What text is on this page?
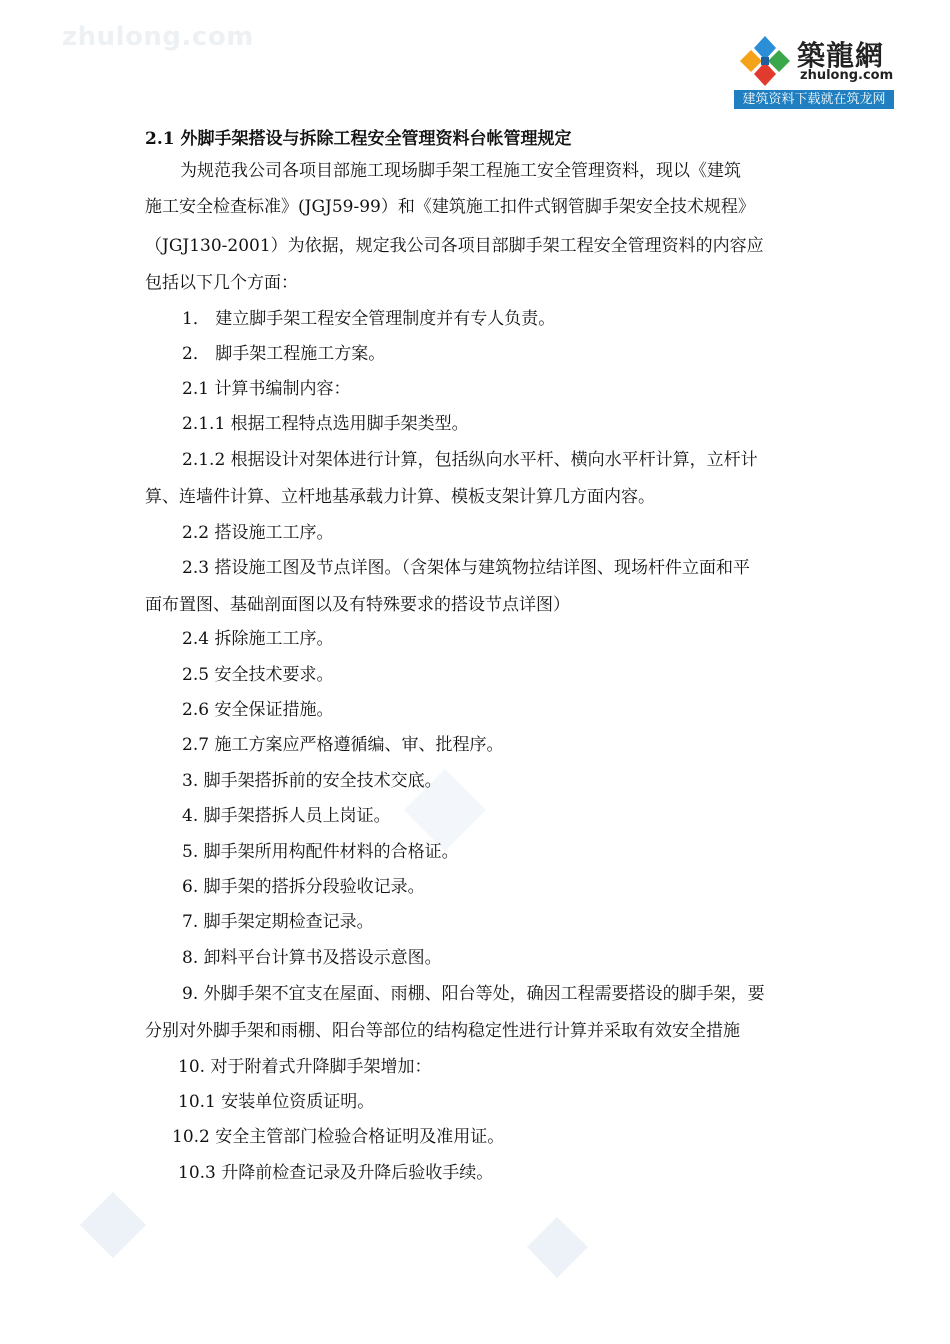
zhulong.com
築龍網
zhulong.com
建筑资料下载就在筑龙网
2.1 外脚手架搭设与拆除工程安全管理资料台帐管理规定
为规范我公司各项目部施工现场脚手架工程施工安全管理资料，现以《建筑
施工安全检查标准》(JGJ59-99）和《建筑施工扣件式钢管脚手架安全技术规程》
（JGJ130-2001）为依据，规定我公司各项目部脚手架工程安全管理资料的内容应
包括以下几个方面：
1． 建立脚手架工程安全管理制度并有专人负责。
2． 脚手架工程施工方案。
2.1 计算书编制内容：
2.1.1 根据工程特点选用脚手架类型。
2.1.2 根据设计对架体进行计算，包括纵向水平杆、横向水平杆计算，立杆计
算、连墙件计算、立杆地基承载力计算、模板支架计算几方面内容。
2.2 搭设施工工序。
2.3 搭设施工图及节点详图。（含架体与建筑物拉结详图、现场杆件立面和平
面布置图、基础剖面图以及有特殊要求的搭设节点详图）
2.4 拆除施工工序。
2.5 安全技术要求。
2.6 安全保证措施。
2.7 施工方案应严格遵循编、审、批程序。
3. 脚手架搭拆前的安全技术交底。
4. 脚手架搭拆人员上岗证。
5. 脚手架所用构配件材料的合格证。
6. 脚手架的搭拆分段验收记录。
7. 脚手架定期检查记录。
8. 卸料平台计算书及搭设示意图。
9. 外脚手架不宜支在屋面、雨棚、阳台等处，确因工程需要搭设的脚手架，要
分别对外脚手架和雨棚、阳台等部位的结构稳定性进行计算并采取有效安全措施
10. 对于附着式升降脚手架增加：
10.1 安装单位资质证明。
10.2 安全主管部门检验合格证明及准用证。
10.3 升降前检查记录及升降后验收手续。
